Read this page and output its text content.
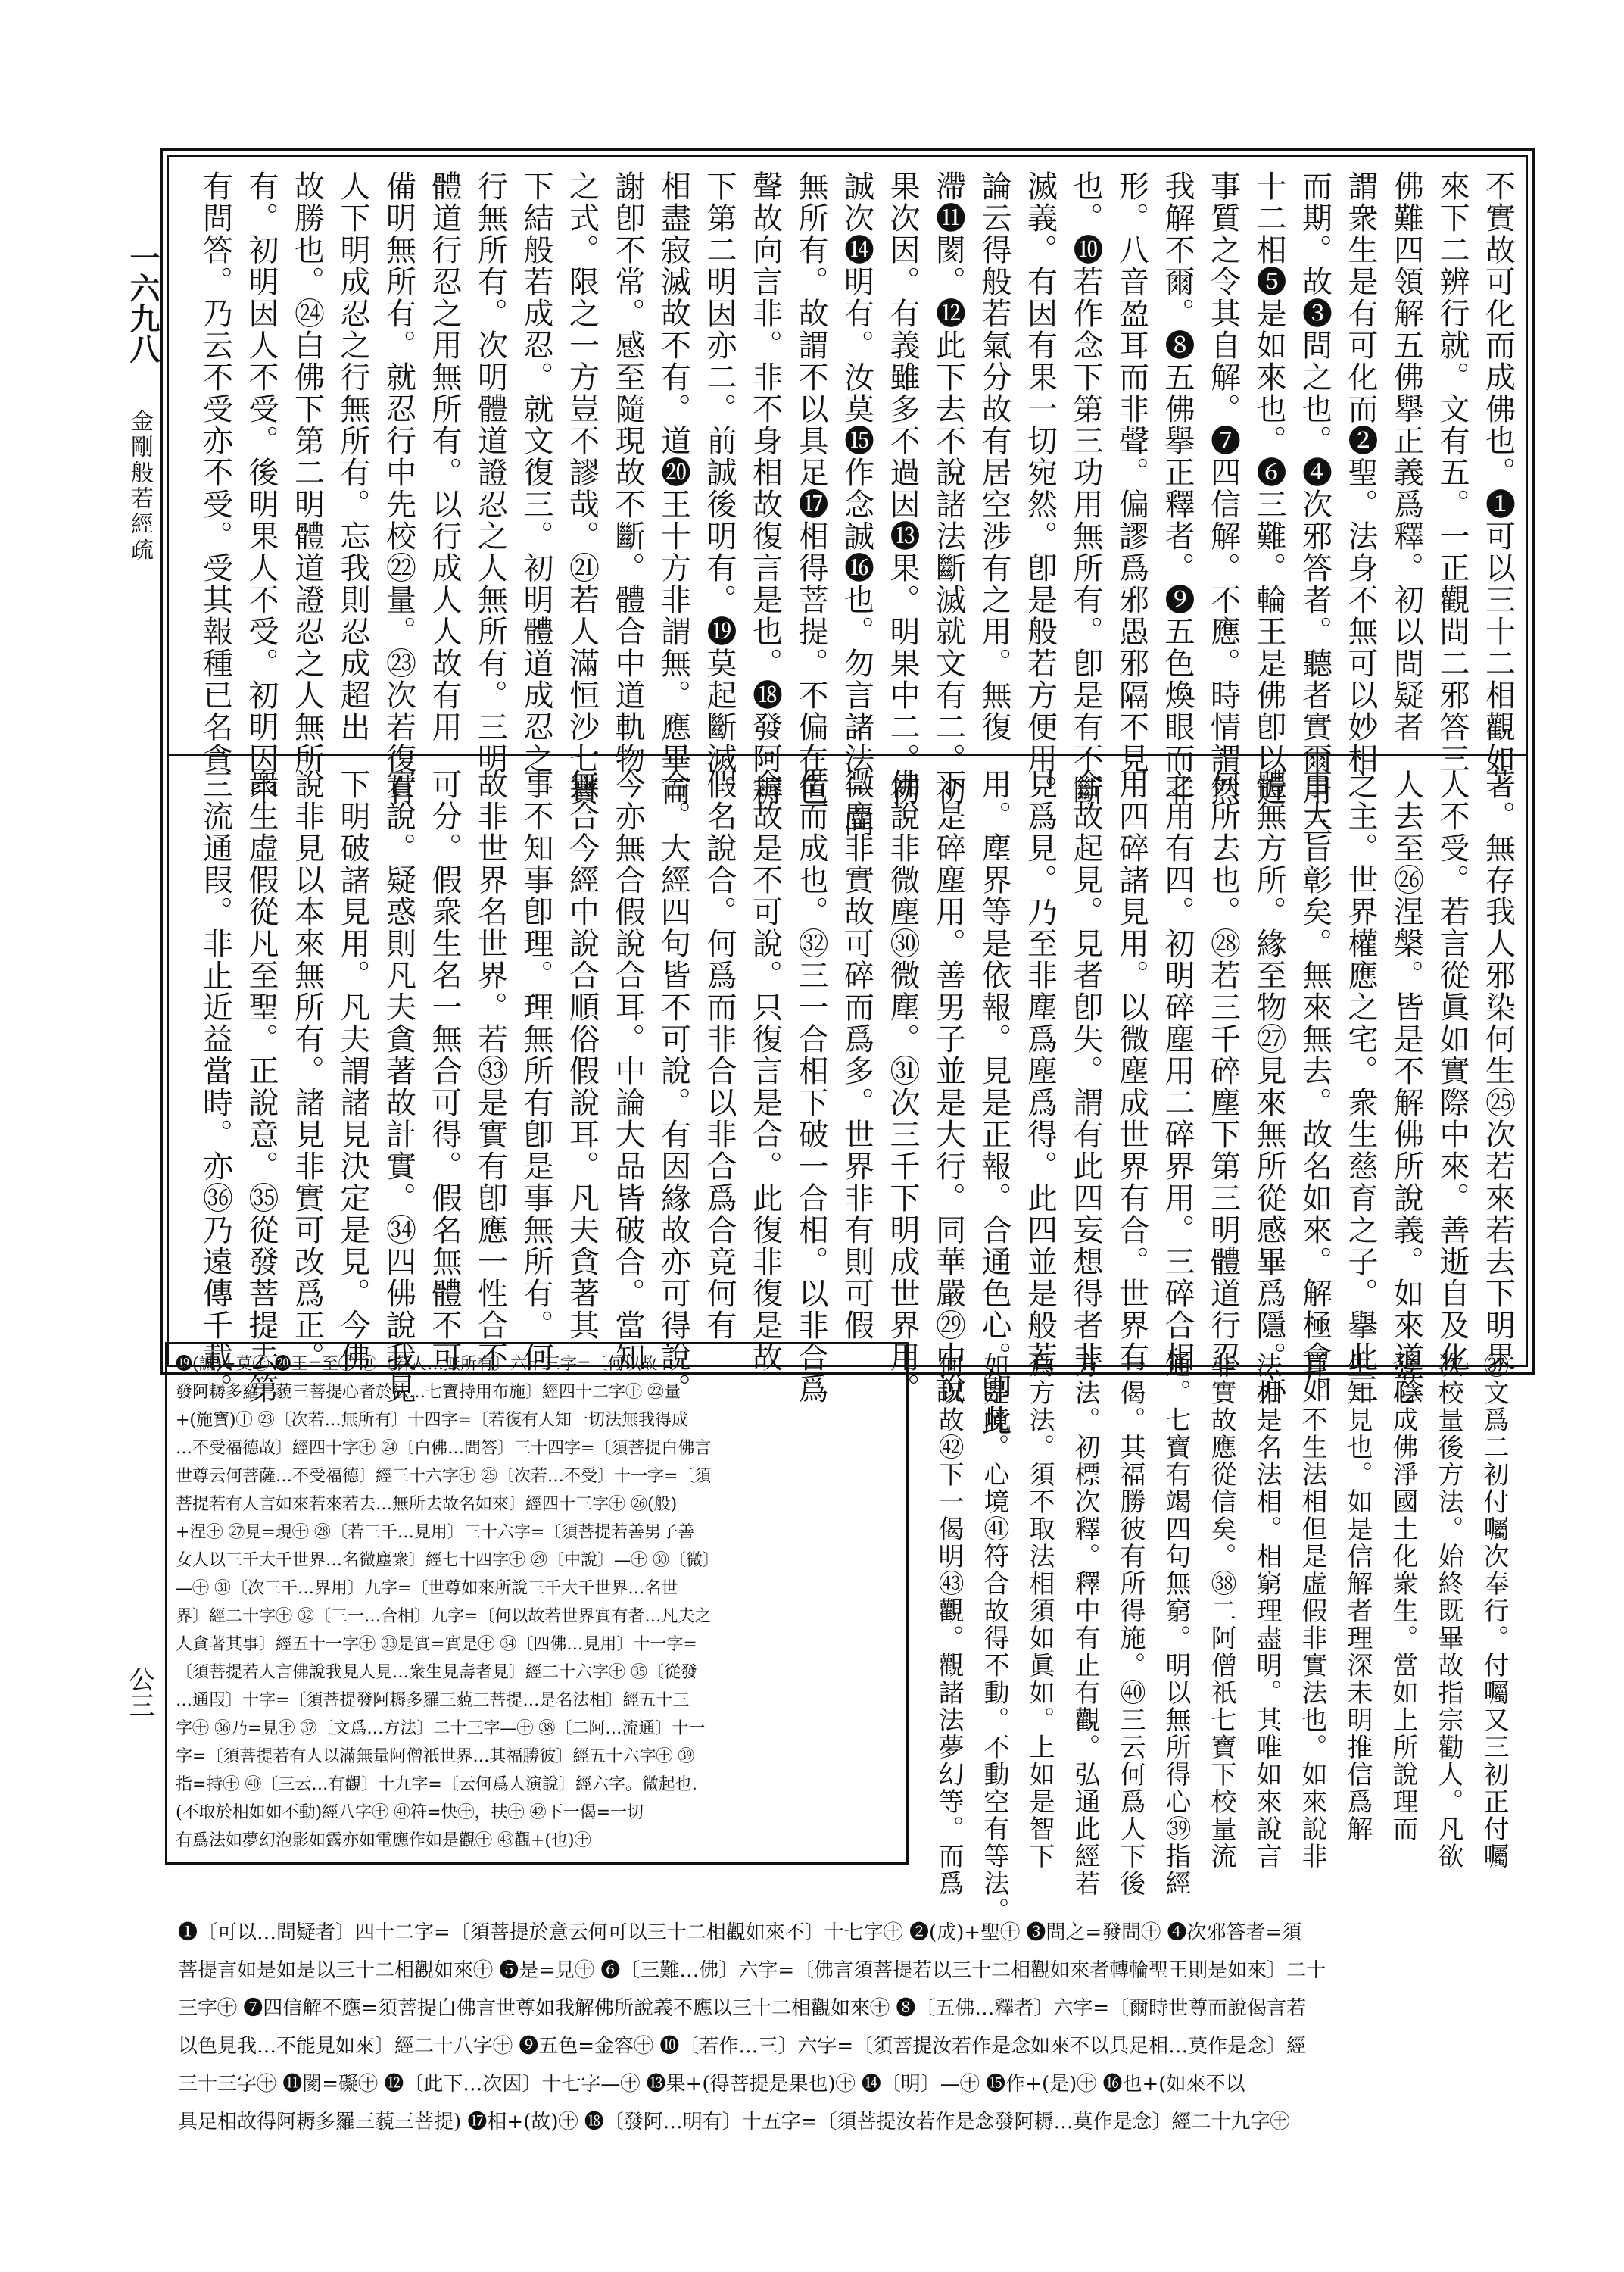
一六九八
金剛般若經疏
公三
不實故可化而成佛也。❶可以三十二相觀如
來下二辨行就。文有五。一正觀問二邪答三
佛難四領解五佛擧正義爲釋。初以問疑者
謂衆生是有可化而❷聖。法身不無可以妙相
而期。故❸問之也。❹次邪答者。聽者實爾用三
十二相❺是如來也。❻三難。輪王是佛卽以近
事質之令其自解。❼四信解。不應。時情謂然
我解不爾。❽五佛擧正釋者。❾五色煥眼而非
形。八音盈耳而非聲。偏謬爲邪愚邪隔不見
也。❿若作念下第三功用無所有。卽是有不斷
滅義。有因有果一切宛然。卽是般若方便用。
論云得般若氣分故有居空涉有之用。無復
滯⓫閡。⓬此下去不說諸法斷滅就文有二。初
果次因。有義雖多不過因⓭果。明果中二。初
誠次⓮明有。汝莫⓯作念誠⓰也。勿言諸法一向
無所有。故謂不以具足⓱相得菩提。不偏在色
聲故向言非。非不身相故復言是也。⓲發阿耨
下第二明因亦二。前誠後明有。⓳莫起斷滅。
相盡寂滅故不有。道⓴王十方非謂無。應畢而
謝卽不常。感至隨現故不斷。體合中道軌物
之式。限之一方豈不謬哉。㉑若人滿恒沙七寶
下結般若成忍。就文復三。初明體道成忍之
行無所有。次明體道證忍之人無所有。三明
體道行忍之用無所有。以行成人人故有用
備明無所有。就忍行中先校㉒量。㉓次若復有
人下明成忍之行無所有。忘我則忍成超出
故勝也。㉔白佛下第二明體道證忍之人無所
有。初明因人不受。後明果人不受。初明因中
有問答。乃云不受亦不受。受其報種已名貪
著。無存我人邪染何生㉕次若來若去下明果
人不受。若言從眞如實際中來。善逝自及化
人去至㉖涅槃。皆是不解佛所說義。如來道蔭
之主。世界權應之宅。衆生慈育之子。擧此三
事大旨彰矣。無來無去。故名如來。解極會如
體無方所。緣至物㉗見來無所從感畢爲隱。亦
何所去也。㉘若三千碎塵下第三明體道行忍
之用有四。初明碎塵用二碎界用。三碎合相
用四碎諸見用。以微塵成世界有合。世界有
合故起見。見者卽失。謂有此四妄想得者非
見爲見。乃至非塵爲塵爲得。此四並是般若
用。塵界等是依報。見是正報。合通色心。卽此
下是碎塵用。善男子並是大行。同華嚴㉙中說
佛說非微塵㉚微塵。㉛次三千下明成世界用。
微塵非實故可碎而爲多。世界非有則可假
借而成也。㉜三一合相下破一合相。以非合爲
合故是不可說。只復言是合。此復非復是故
假名說合。何爲而非合以非合爲合竟何有
合。大經四句皆不可說。有因緣故亦可得說。
今亦無合假說合耳。中論大品皆破合。當知
無合今經中說合順俗假說耳。凡夫貪著其
事不知事卽理。理無所有卽是事無所有。何
故非世界名世界。若㉝是實有卽應一性合不
可分。假衆生名一無合可得。假名無體不可
實說。疑惑則凡夫貪著故計實。㉞四佛說我見
下明破諸見用。凡夫謂諸見決定是見。今佛
說非見以本來無所有。諸見非實可改爲正。
衆生虛假從凡至聖。正說意。㉟從發菩提去第
三流通叚。非止近益當時。亦㊱乃遠傳千載。
㊲文爲二初付囑次奉行。付囑又三初正付囑
次校量後方法。始終既畢故指宗勸人。凡欲
發心成佛淨國土化衆生。當如上所說理而
生知見也。如是信解者理深未明推信爲解
耳。不生法相但是虛假非實法也。如來說非
法相是名法相。相窮理盡明。其唯如來說言
非實故應從信矣。㊳二阿僧祇七寶下校量流
通。七寶有竭四句無窮。明以無所得心㊴指經
一偈。其福勝彼有所得施。㊵三云何爲人下後
方法。初標次釋。釋中有止有觀。弘通此經若
爲方法。須不取法相須如眞如。上如是智下
如是境。心境㊶符合故得不動。不動空有等法。
何以故㊷下一偈明㊸觀。觀諸法夢幻等。而爲
⓳(誠)+莫㊉ ⓴王=至㊉ ㉑〔若人…無所有〕六十三字=〔何以故
發阿耨多羅三藐三菩提心者於法…七寶持用布施〕經四十二字㊉ ㉒量
+(施寶)㊉ ㉓〔次若…無所有〕十四字=〔若復有人知一切法無我得成
…不受福德故〕經四十字㊉ ㉔〔白佛…問答〕三十四字=〔須菩提白佛言
世尊云何菩薩…不受福德〕經三十六字㊉ ㉕〔次若…不受〕十一字=〔須
菩提若有人言如來若來若去…無所去故名如來〕經四十三字㊉ ㉖(般)
+涅㊉ ㉗見=現㊉ ㉘〔若三千…見用〕三十六字=〔須菩提若善男子善
女人以三千大千世界…名微塵衆〕經七十四字㊉ ㉙〔中說〕—㊉ ㉚〔微〕
—㊉ ㉛〔次三千…界用〕九字=〔世尊如來所說三千大千世界…名世
界〕經二十字㊉ ㉜〔三一…合相〕九字=〔何以故若世界實有者…凡夫之
人貪著其事〕經五十一字㊉ ㉝是實=實是㊉ ㉞〔四佛…見用〕十一字=
〔須菩提若人言佛說我見人見…衆生見壽者見〕經二十六字㊉ ㉟〔從發
…通叚〕十字=〔須菩提發阿耨多羅三藐三菩提…是名法相〕經五十三
字㊉ ㊱乃=見㊉ ㊲〔文爲…方法〕二十三字—㊉ ㊳〔二阿…流通〕十一
字=〔須菩提若有人以滿無量阿僧祇世界…其福勝彼〕經五十六字㊉ ㊴
指=持㊉ ㊵〔三云…有觀〕十九字=〔云何爲人演說〕經六字。微起也.
(不取於相如如不動)經八字㊉ ㊶符=快㊉，扶㊉ ㊷下一偈=一切
有爲法如夢幻泡影如露亦如電應作如是觀㊉ ㊸觀+(也)㊉
❶〔可以…問疑者〕四十二字=〔須菩提於意云何可以三十二相觀如來不〕十七字㊉ ❷(成)+聖㊉ ❸問之=發問㊉ ❹次邪答者=須
菩提言如是如是以三十二相觀如來㊉ ❺是=見㊉ ❻〔三難…佛〕六字=〔佛言須菩提若以三十二相觀如來者轉輪聖王則是如來〕二十
三字㊉ ❼四信解不應=須菩提白佛言世尊如我解佛所說義不應以三十二相觀如來㊉ ❽〔五佛…釋者〕六字=〔爾時世尊而說偈言若
以色見我…不能見如來〕經二十八字㊉ ❾五色=金容㊉ ❿〔若作…三〕六字=〔須菩提汝若作是念如來不以具足相…莫作是念〕經
三十三字㊉ ⓫閡=礙㊉ ⓬〔此下…次因〕十七字—㊉ ⓭果+(得菩提是果也)㊉ ⓮〔明〕—㊉ ⓯作+(是)㊉ ⓰也+(如來不以
具足相故得阿耨多羅三藐三菩提) ⓱相+(故)㊉ ⓲〔發阿…明有〕十五字=〔須菩提汝若作是念發阿耨…莫作是念〕經二十九字㊉
